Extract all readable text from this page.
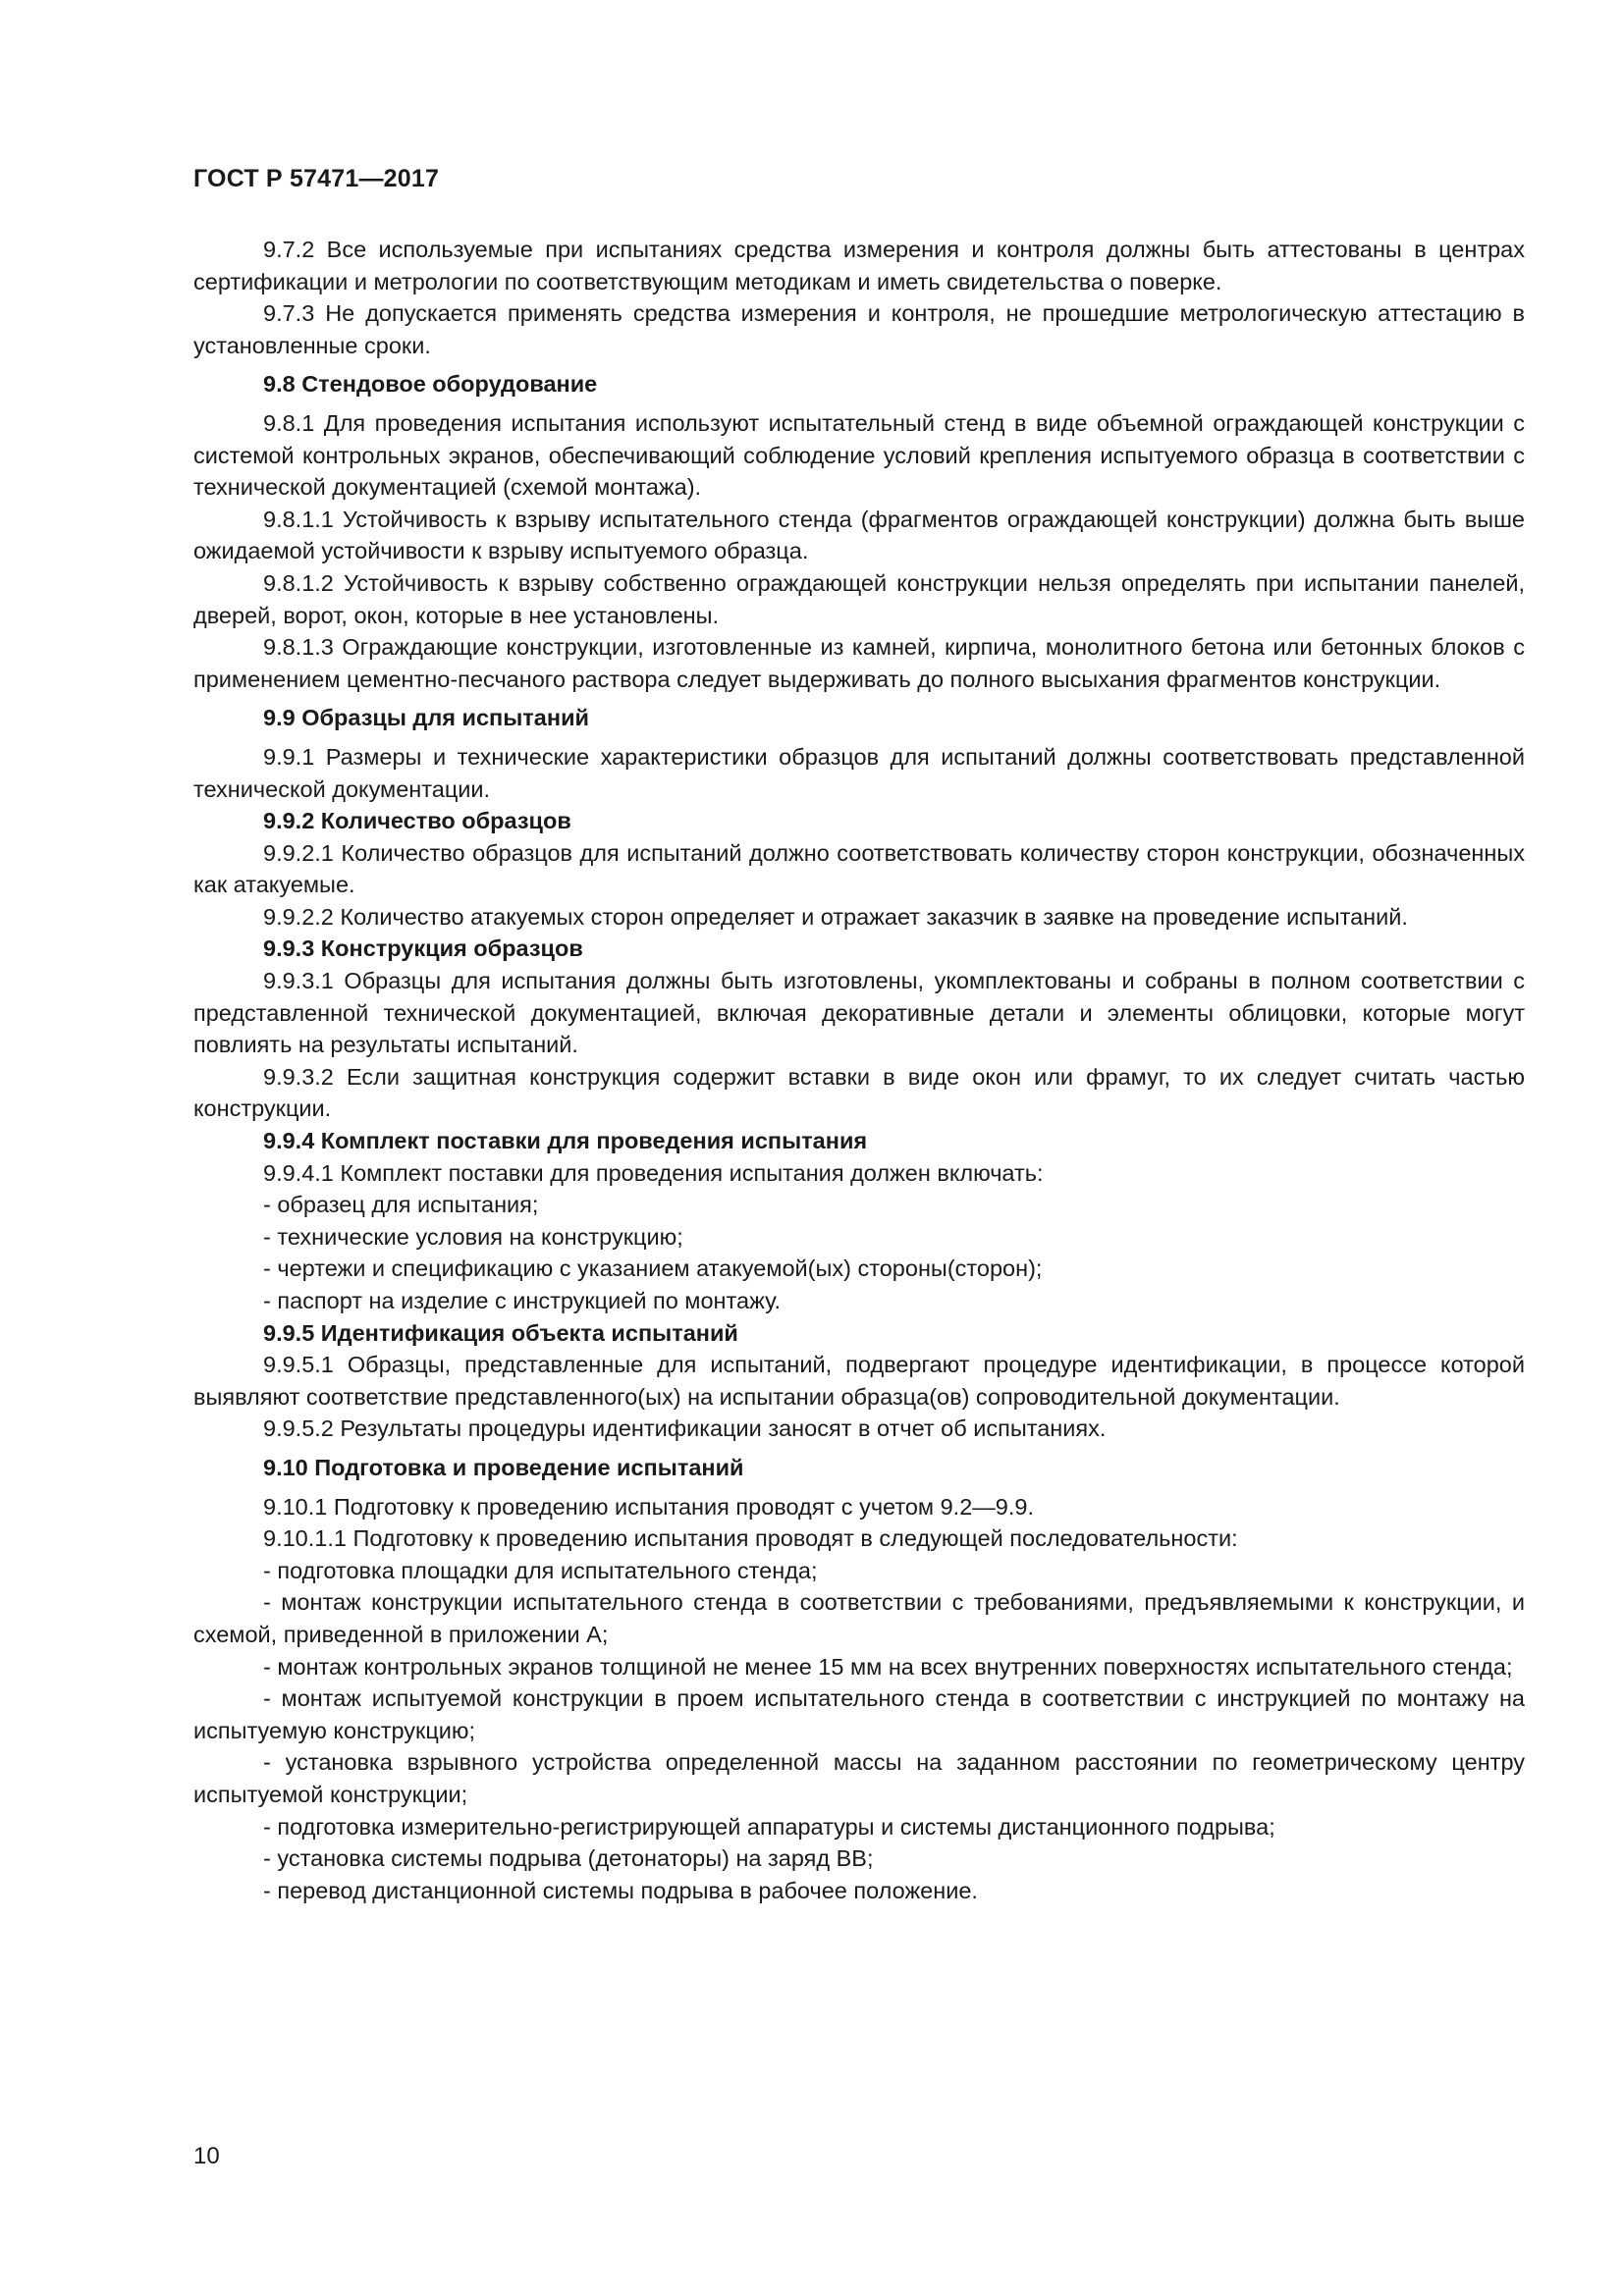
ГОСТ Р 57471—2017

9.7.2 Все используемые при испытаниях средства измерения и контроля должны быть аттестованы в центрах сертификации и метрологии по соответствующим методикам и иметь свидетельства о поверке.

9.7.3 Не допускается применять средства измерения и контроля, не прошедшие метрологическую аттестацию в установленные сроки.

9.8 Стендовое оборудование

9.8.1 Для проведения испытания используют испытательный стенд в виде объемной ограждающей конструкции с системой контрольных экранов, обеспечивающий соблюдение условий крепления испытуемого образца в соответствии с технической документацией (схемой монтажа).

9.8.1.1 Устойчивость к взрыву испытательного стенда (фрагментов ограждающей конструкции) должна быть выше ожидаемой устойчивости к взрыву испытуемого образца.

9.8.1.2 Устойчивость к взрыву собственно ограждающей конструкции нельзя определять при испытании панелей, дверей, ворот, окон, которые в нее установлены.

9.8.1.3 Ограждающие конструкции, изготовленные из камней, кирпича, монолитного бетона или бетонных блоков с применением цементно-песчаного раствора следует выдерживать до полного высыхания фрагментов конструкции.

9.9 Образцы для испытаний

9.9.1 Размеры и технические характеристики образцов для испытаний должны соответствовать представленной технической документации.

9.9.2 Количество образцов

9.9.2.1 Количество образцов для испытаний должно соответствовать количеству сторон конструкции, обозначенных как атакуемые.

9.9.2.2 Количество атакуемых сторон определяет и отражает заказчик в заявке на проведение испытаний.

9.9.3 Конструкция образцов

9.9.3.1 Образцы для испытания должны быть изготовлены, укомплектованы и собраны в полном соответствии с представленной технической документацией, включая декоративные детали и элементы облицовки, которые могут повлиять на результаты испытаний.

9.9.3.2 Если защитная конструкция содержит вставки в виде окон или фрамуг, то их следует считать частью конструкции.

9.9.4 Комплект поставки для проведения испытания

9.9.4.1 Комплект поставки для проведения испытания должен включать:

- образец для испытания;

- технические условия на конструкцию;

- чертежи и спецификацию с указанием атакуемой(ых) стороны(сторон);

- паспорт на изделие с инструкцией по монтажу.

9.9.5 Идентификация объекта испытаний

9.9.5.1 Образцы, представленные для испытаний, подвергают процедуре идентификации, в процессе которой выявляют соответствие представленного(ых) на испытании образца(ов) сопроводительной документации.

9.9.5.2 Результаты процедуры идентификации заносят в отчет об испытаниях.

9.10 Подготовка и проведение испытаний

9.10.1 Подготовку к проведению испытания проводят с учетом 9.2—9.9.

9.10.1.1 Подготовку к проведению испытания проводят в следующей последовательности:

- подготовка площадки для испытательного стенда;

- монтаж конструкции испытательного стенда в соответствии с требованиями, предъявляемыми к конструкции, и схемой, приведенной в приложении А;

- монтаж контрольных экранов толщиной не менее 15 мм на всех внутренних поверхностях испытательного стенда;

- монтаж испытуемой конструкции в проем испытательного стенда в соответствии с инструкцией по монтажу на испытуемую конструкцию;

- установка взрывного устройства определенной массы на заданном расстоянии по геометрическому центру испытуемой конструкции;

- подготовка измерительно-регистрирующей аппаратуры и системы дистанционного подрыва;

- установка системы подрыва (детонаторы) на заряд ВВ;

- перевод дистанционной системы подрыва в рабочее положение.

10
